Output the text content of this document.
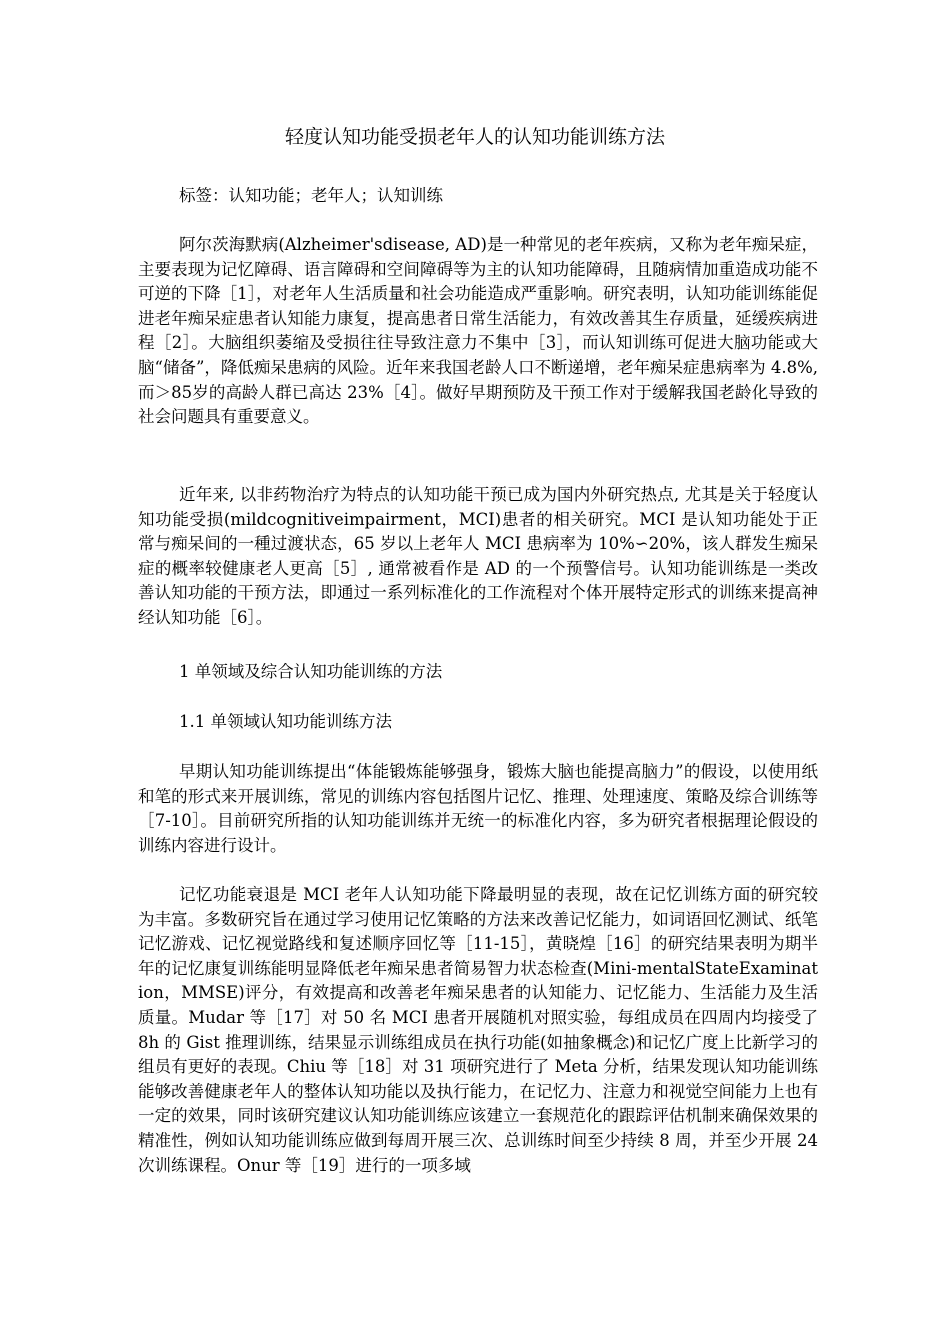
轻度认知功能受损老年人的认知功能训练方法

标签：认知功能；老年人；认知训练

阿尔茨海默病(Alzheimer'sdisease, AD)是一种常见的老年疾病，又称为老年痴呆症，主要表现为记忆障碍、语言障碍和空间障碍等为主的认知功能障碍，且随病情加重造成功能不可逆的下降［1］，对老年人生活质量和社会功能造成严重影响。研究表明，认知功能训练能促进老年痴呆症患者认知能力康复，提高患者日常生活能力，有效改善其生存质量，延缓疾病进程［2］。大脑组织萎缩及受损往往导致注意力不集中［3］，而认知训练可促进大脑功能或大脑“储备”，降低痴呆患病的风险。近年来我国老龄人口不断递增，老年痴呆症患病率为 4.8%,而＞85岁的高龄人群已高达 23%［4］。做好早期预防及干预工作对于缓解我国老龄化导致的社会问题具有重要意义。

近年来, 以非药物治疗为特点的认知功能干预已成为国内外研究热点, 尤其是关于轻度认知功能受损(mildcognitiveimpairment，MCI)患者的相关研究。MCI 是认知功能处于正常与痴呆间的一種过渡状态，65 岁以上老年人 MCI 患病率为 10%∽20%，该人群发生痴呆症的概率较健康老人更高［5］, 通常被看作是 AD 的一个预警信号。认知功能训练是一类改善认知功能的干预方法，即通过一系列标准化的工作流程对个体开展特定形式的训练来提高神经认知功能［6］。

1 单领域及综合认知功能训练的方法

1.1 单领域认知功能训练方法

早期认知功能训练提出“体能锻炼能够强身，锻炼大脑也能提高脑力”的假设，以使用纸和笔的形式来开展训练，常见的训练内容包括图片记忆、推理、处理速度、策略及综合训练等［7-10］。目前研究所指的认知功能训练并无统一的标准化内容，多为研究者根据理论假设的训练内容进行设计。

记忆功能衰退是 MCI 老年人认知功能下降最明显的表现，故在记忆训练方面的研究较为丰富。多数研究旨在通过学习使用记忆策略的方法来改善记忆能力，如词语回忆测试、纸笔记忆游戏、记忆视觉路线和复述顺序回忆等［11-15］，黄晓煌［16］的研究结果表明为期半年的记忆康复训练能明显降低老年痴呆患者简易智力状态检查(Mini-mentalStateExamination，MMSE)评分，有效提高和改善老年痴呆患者的认知能力、记忆能力、生活能力及生活质量。Mudar 等［17］对 50 名 MCI 患者开展随机对照实验，每组成员在四周内均接受了 8h 的 Gist 推理训练，结果显示训练组成员在执行功能(如抽象概念)和记忆广度上比新学习的组员有更好的表现。Chiu 等［18］对 31 项研究进行了 Meta 分析，结果发现认知功能训练能够改善健康老年人的整体认知功能以及执行能力，在记忆力、注意力和视觉空间能力上也有一定的效果，同时该研究建议认知功能训练应该建立一套规范化的跟踪评估机制来确保效果的精准性，例如认知功能训练应做到每周开展三次、总训练时间至少持续 8 周，并至少开展 24 次训练课程。Onur 等［19］进行的一项多域
